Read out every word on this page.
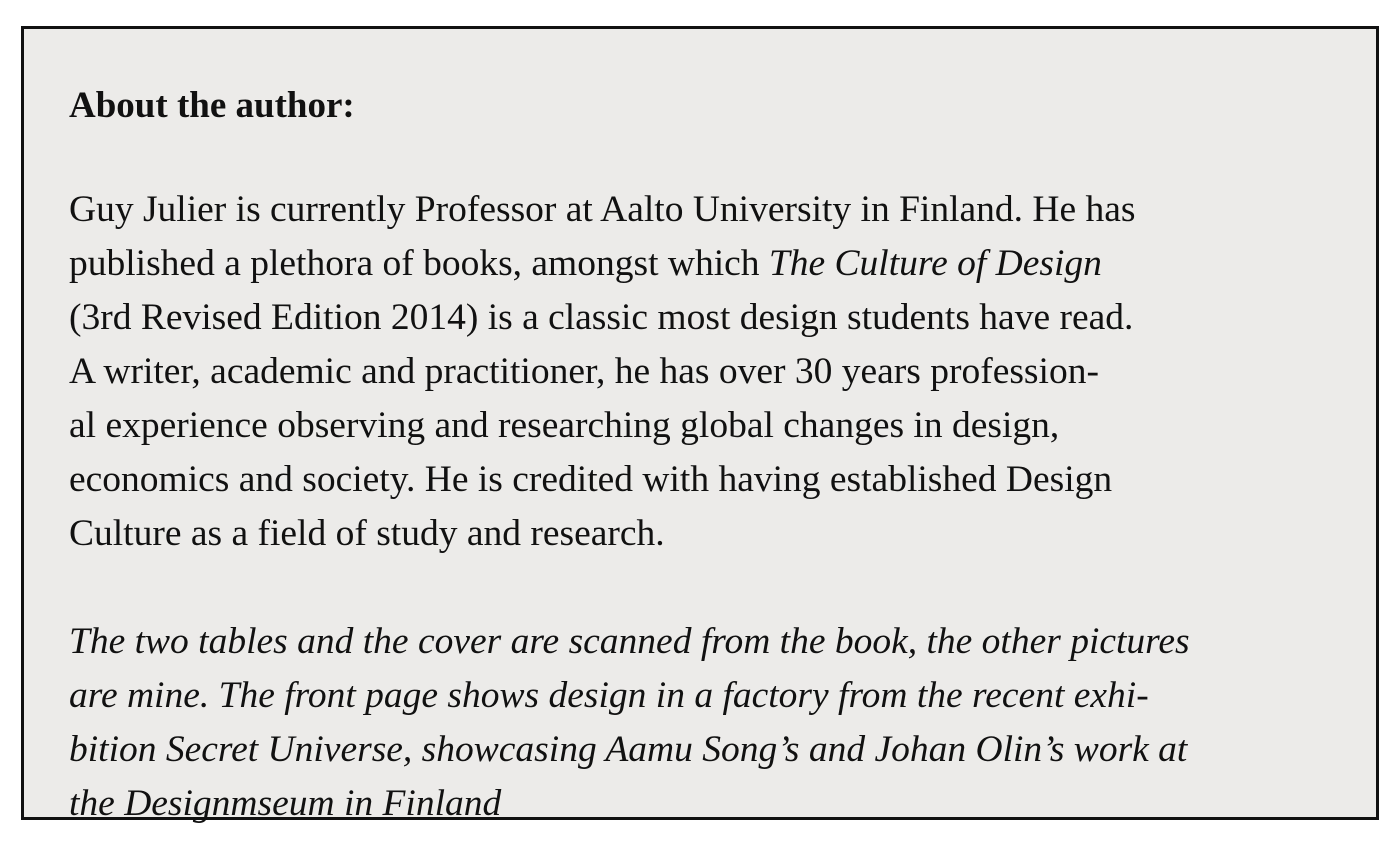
About the author:
Guy Julier is currently Professor at Aalto University in Finland. He has
published a plethora of books, amongst which The Culture of Design
(3rd Revised Edition 2014) is a classic most design students have read.
A writer, academic and practitioner, he has over 30 years profession-
al experience observing and researching global changes in design,
economics and society. He is credited with having established Design
Culture as a field of study and research.
The two tables and the cover are scanned from the book, the other pictures
are mine. The front page shows design in a factory from the recent exhi-
bition Secret Universe, showcasing Aamu Song’s and Johan Olin’s work at
the Designmseum in Finland
